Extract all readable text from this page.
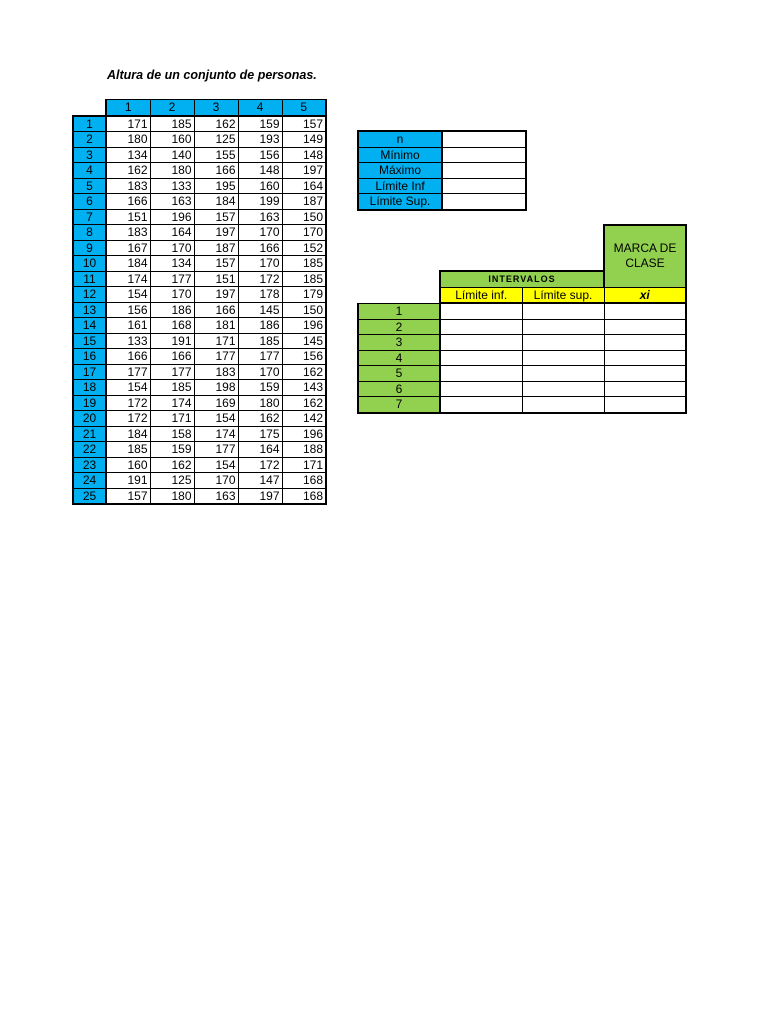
Altura de un conjunto de personas.
	1	2	3	4	5
1	171	185	162	159	157
2	180	160	125	193	149
3	134	140	155	156	148
4	162	180	166	148	197
5	183	133	195	160	164
6	166	163	184	199	187
7	151	196	157	163	150
8	183	164	197	170	170
9	167	170	187	166	152
10	184	134	157	170	185
11	174	177	151	172	185
12	154	170	197	178	179
13	156	186	166	145	150
14	161	168	181	186	196
15	133	191	171	185	145
16	166	166	177	177	156
17	177	177	183	170	162
18	154	185	198	159	143
19	172	174	169	180	162
20	172	171	154	162	142
21	184	158	174	175	196
22	185	159	177	164	188
23	160	162	154	172	171
24	191	125	170	147	168
25	157	180	163	197	168
n	
Mínimo	
Máximo	
Límite Inf	
Límite Sup.	
			MARCA DE CLASE
	INTERVALOS		
	Límite inf.	Límite sup.	xi
1			
2			
3			
4			
5			
6			
7			
